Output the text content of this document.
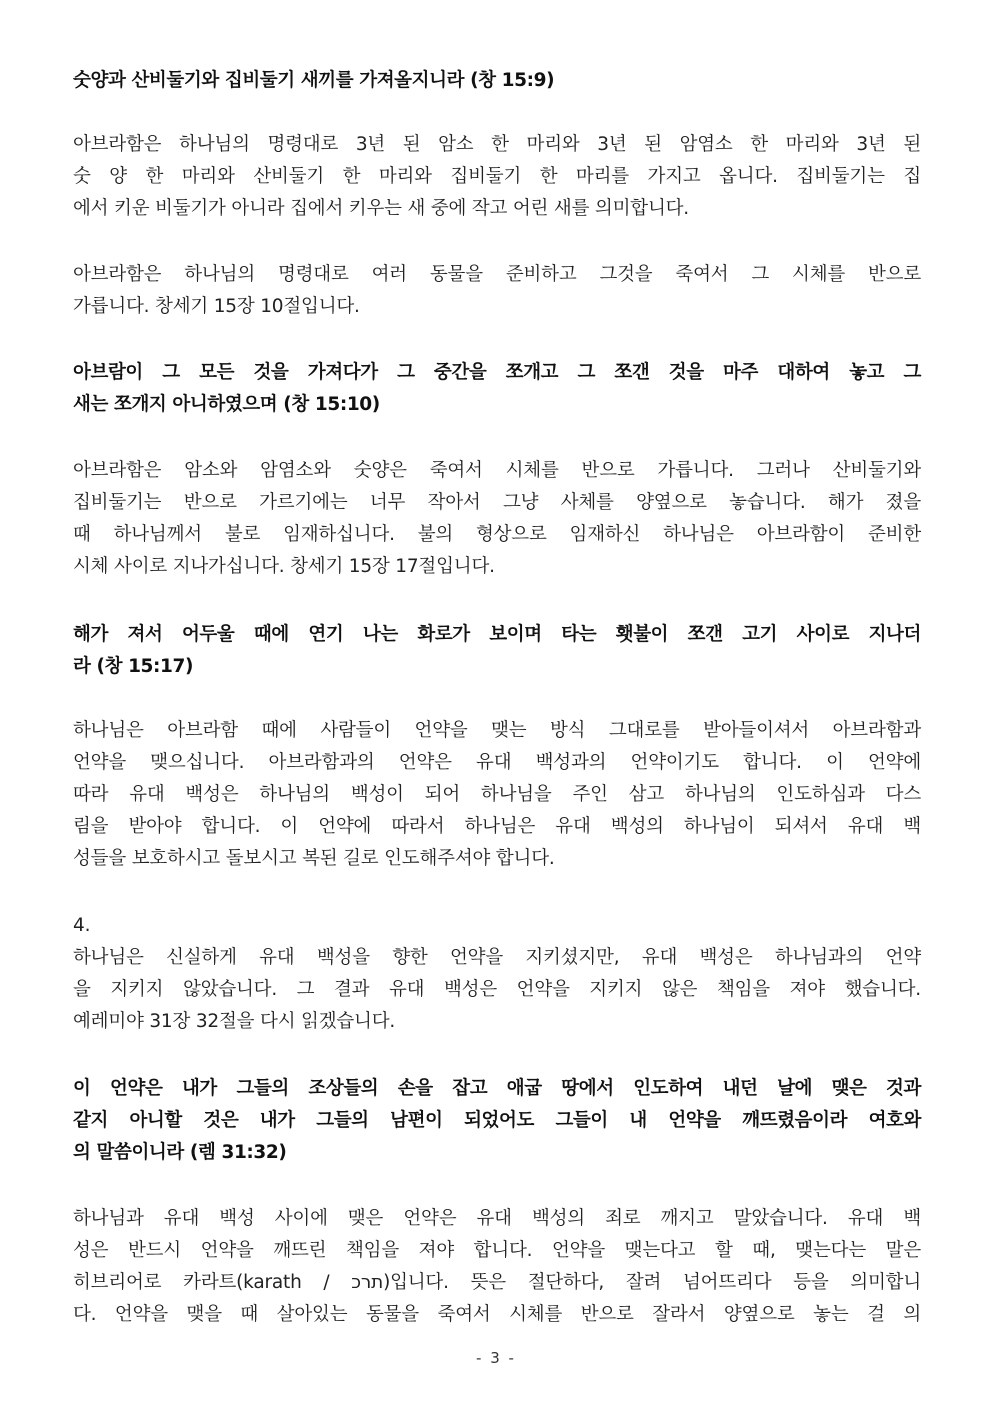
숫양과 산비둘기와 집비둘기 새끼를 가져올지니라 (창 15:9)
아브라함은 하나님의 명령대로 3년 된 암소 한 마리와 3년 된 암염소 한 마리와 3년 된
숫 양 한 마리와 산비둘기 한 마리와 집비둘기 한 마리를 가지고 옵니다. 집비둘기는 집
에서 키운 비둘기가 아니라 집에서 키우는 새 중에 작고 어린 새를 의미합니다.
아브라함은 하나님의 명령대로 여러 동물을 준비하고 그것을 죽여서 그 시체를 반으로
가릅니다. 창세기 15장 10절입니다.
아브람이 그 모든 것을 가져다가 그 중간을 쪼개고 그 쪼갠 것을 마주 대하여 놓고 그
새는 쪼개지 아니하였으며 (창 15:10)
아브라함은 암소와 암염소와 숫양은 죽여서 시체를 반으로 가릅니다. 그러나 산비둘기와
집비둘기는 반으로 가르기에는 너무 작아서 그냥 사체를 양옆으로 놓습니다. 해가 졌을
때 하나님께서 불로 임재하십니다. 불의 형상으로 임재하신 하나님은 아브라함이 준비한
시체 사이로 지나가십니다. 창세기 15장 17절입니다.
해가 져서 어두울 때에 연기 나는 화로가 보이며 타는 횃불이 쪼갠 고기 사이로 지나더
라 (창 15:17)
하나님은 아브라함 때에 사람들이 언약을 맺는 방식 그대로를 받아들이셔서 아브라함과
언약을 맺으십니다. 아브라함과의 언약은 유대 백성과의 언약이기도 합니다. 이 언약에
따라 유대 백성은 하나님의 백성이 되어 하나님을 주인 삼고 하나님의 인도하심과 다스
림을 받아야 합니다. 이 언약에 따라서 하나님은 유대 백성의 하나님이 되셔서 유대 백
성들을 보호하시고 돌보시고 복된 길로 인도해주셔야 합니다.
4.
하나님은 신실하게 유대 백성을 향한 언약을 지키셨지만, 유대 백성은 하나님과의 언약
을 지키지 않았습니다. 그 결과 유대 백성은 언약을 지키지 않은 책임을 져야 했습니다.
예레미야 31장 32절을 다시 읽겠습니다.
이 언약은 내가 그들의 조상들의 손을 잡고 애굽 땅에서 인도하여 내던 날에 맺은 것과
같지 아니할 것은 내가 그들의 남편이 되었어도 그들이 내 언약을 깨뜨렸음이라 여호와
의 말씀이니라 (렘 31:32)
하나님과 유대 백성 사이에 맺은 언약은 유대 백성의 죄로 깨지고 말았습니다. 유대 백
성은 반드시 언약을 깨뜨린 책임을 져야 합니다. 언약을 맺는다고 할 때, 맺는다는 말은
히브리어로 카라트(karath / תרכ)입니다. 뜻은 절단하다, 잘려 넘어뜨리다 등을 의미합니
다. 언약을 맺을 때 살아있는 동물을 죽여서 시체를 반으로 잘라서 양옆으로 놓는 걸 의
- 3 -
